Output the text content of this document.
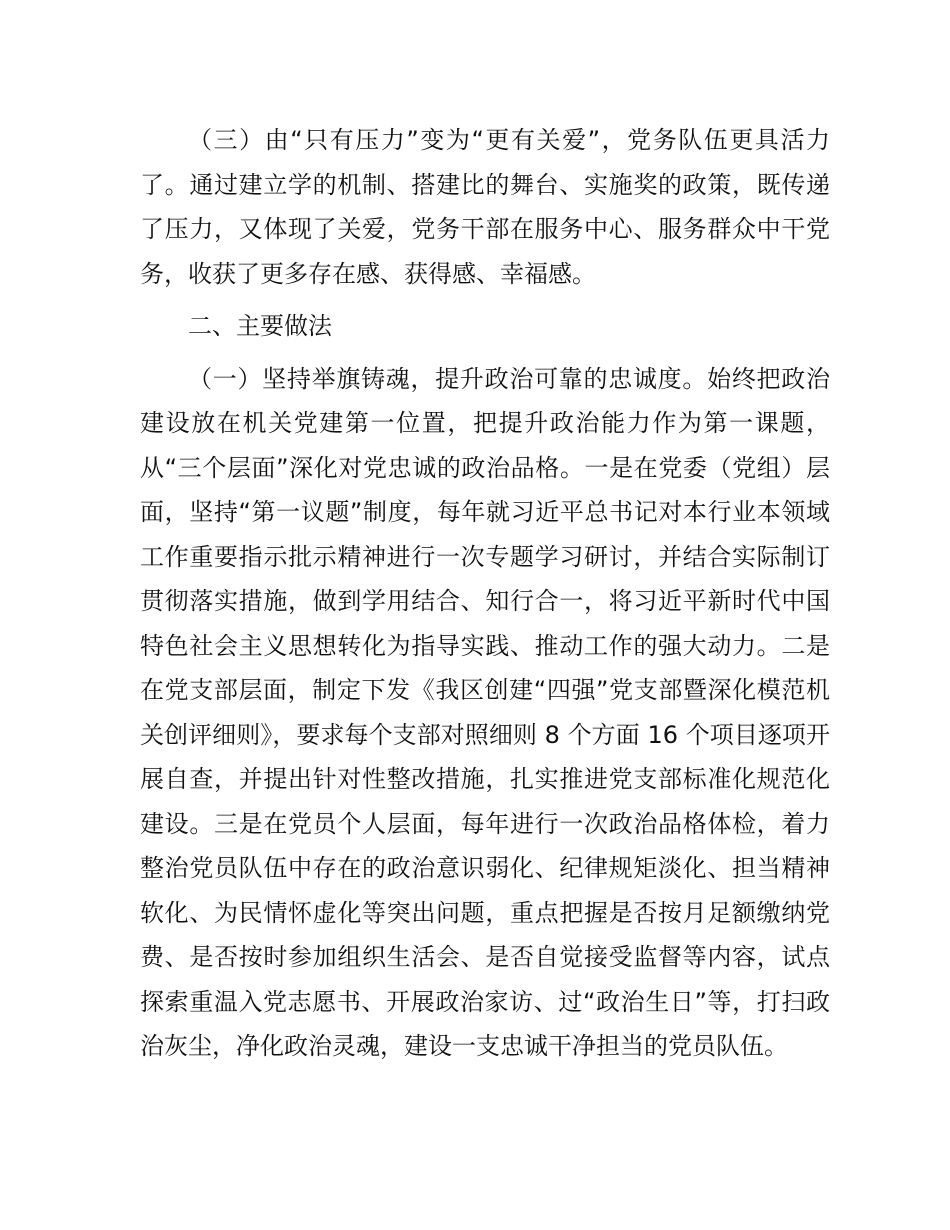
（三）由“只有压力”变为“更有关爱”，党务队伍更具活力了。通过建立学的机制、搭建比的舞台、实施奖的政策，既传递了压力，又体现了关爱，党务干部在服务中心、服务群众中干党务，收获了更多存在感、获得感、幸福感。

二、主要做法

（一）坚持举旗铸魂，提升政治可靠的忠诚度。始终把政治建设放在机关党建第一位置，把提升政治能力作为第一课题，从“三个层面”深化对党忠诚的政治品格。一是在党委（党组）层面，坚持“第一议题”制度，每年就习近平总书记对本行业本领域工作重要指示批示精神进行一次专题学习研讨，并结合实际制订贯彻落实措施，做到学用结合、知行合一，将习近平新时代中国特色社会主义思想转化为指导实践、推动工作的强大动力。二是在党支部层面，制定下发《我区创建“四强”党支部暨深化模范机关创评细则》，要求每个支部对照细则 8 个方面 16 个项目逐项开展自查，并提出针对性整改措施，扎实推进党支部标准化规范化建设。三是在党员个人层面，每年进行一次政治品格体检，着力整治党员队伍中存在的政治意识弱化、纪律规矩淡化、担当精神软化、为民情怀虚化等突出问题，重点把握是否按月足额缴纳党费、是否按时参加组织生活会、是否自觉接受监督等内容，试点探索重温入党志愿书、开展政治家访、过“政治生日”等，打扫政治灰尘，净化政治灵魂，建设一支忠诚干净担当的党员队伍。
